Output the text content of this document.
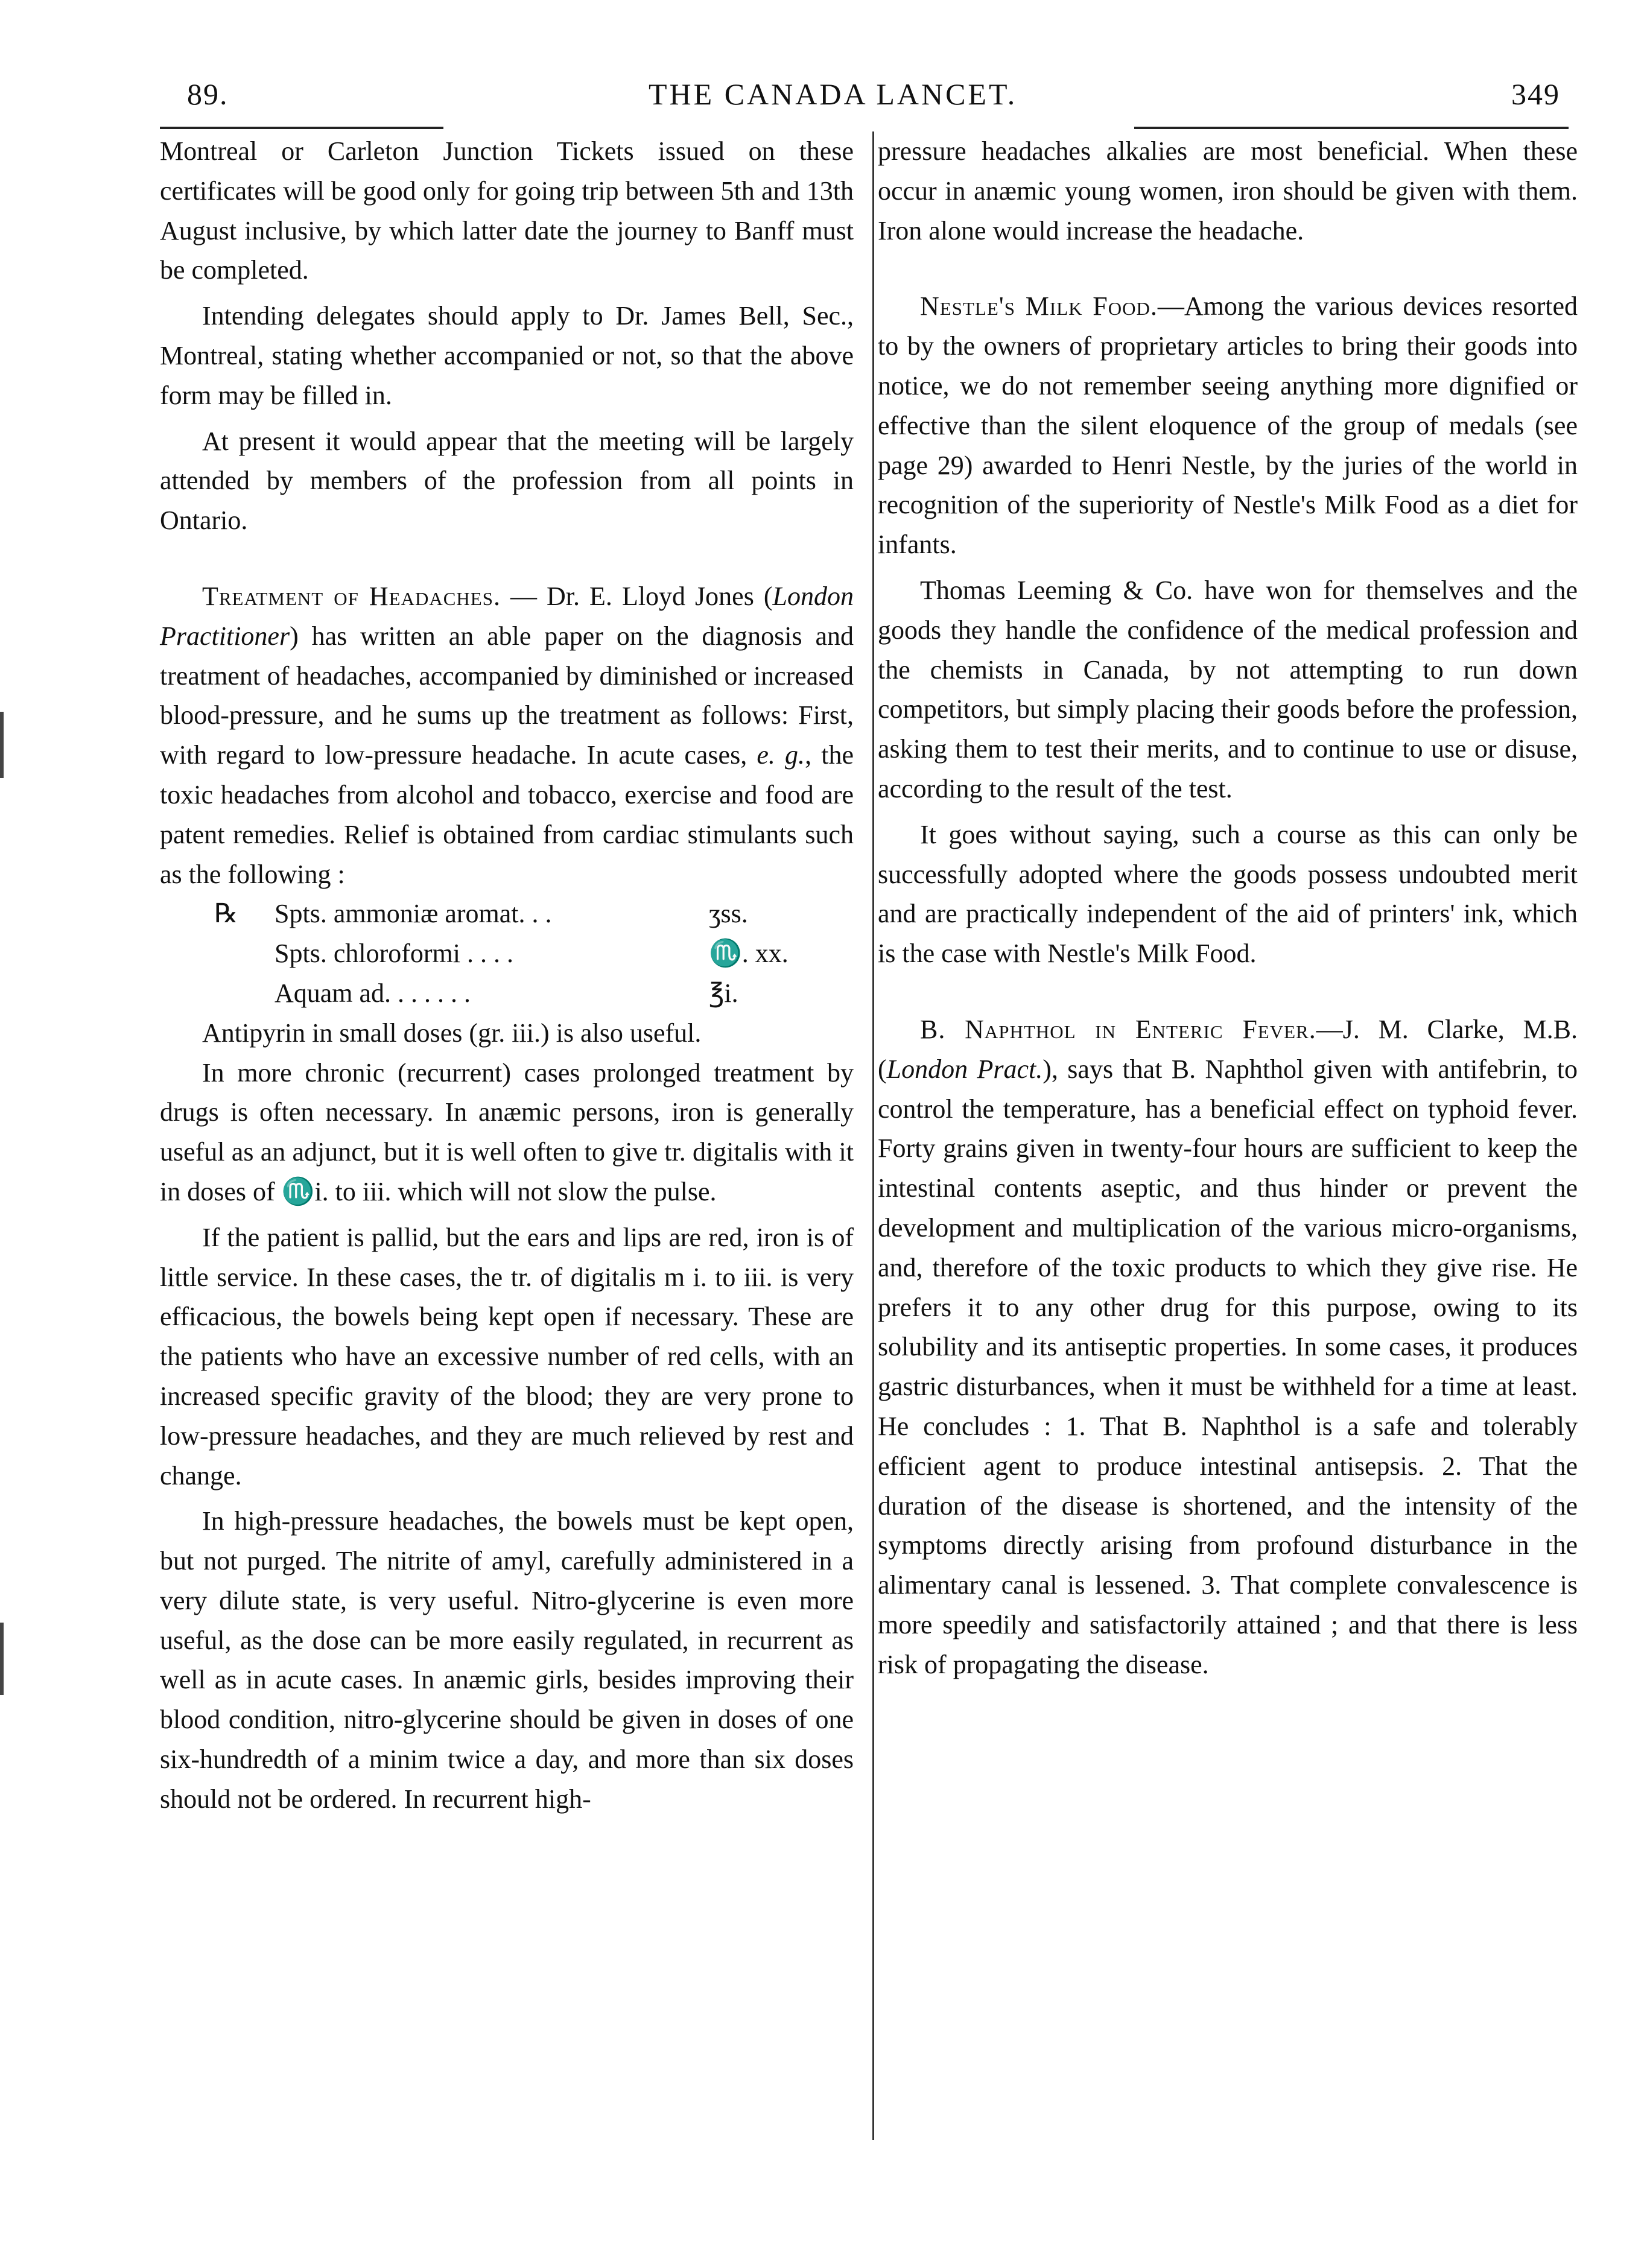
89.	THE CANADA LANCET.	349

Montreal or Carleton Junction Tickets issued on these certificates will be good only for going trip between 5th and 13th August inclusive, by which latter date the journey to Banff must be completed.

Intending delegates should apply to Dr. James Bell, Sec., Montreal, stating whether accompanied or not, so that the above form may be filled in.

At present it would appear that the meeting will be largely attended by members of the profession from all points in Ontario.

Treatment of Headaches. — Dr. E. Lloyd Jones (London Practitioner) has written an able paper on the diagnosis and treatment of headaches, accompanied by diminished or increased blood-pressure, and he sums up the treatment as follows: First, with regard to low-pressure headache. In acute cases, e. g., the toxic headaches from alcohol and tobacco, exercise and food are patent remedies. Relief is obtained from cardiac stimulants such as the following :

℞	Spts. ammoniæ aromat. . .	ʒss.
Spts. chloroformi . . . .	♏. xx.
Aquam ad. . . . . . .	℥i.

Antipyrin in small doses (gr. iii.) is also useful.

In more chronic (recurrent) cases prolonged treatment by drugs is often necessary. In anæmic persons, iron is generally useful as an adjunct, but it is well often to give tr. digitalis with it in doses of ♏i. to iii. which will not slow the pulse.

If the patient is pallid, but the ears and lips are red, iron is of little service. In these cases, the tr. of digitalis m i. to iii. is very efficacious, the bowels being kept open if necessary. These are the patients who have an excessive number of red cells, with an increased specific gravity of the blood; they are very prone to low-pressure headaches, and they are much relieved by rest and change.

In high-pressure headaches, the bowels must be kept open, but not purged. The nitrite of amyl, carefully administered in a very dilute state, is very useful. Nitro-glycerine is even more useful, as the dose can be more easily regulated, in recurrent as well as in acute cases. In anæmic girls, besides improving their blood condition, nitro-glycerine should be given in doses of one six-hundredth of a minim twice a day, and more than six doses should not be ordered. In recurrent high-

pressure headaches alkalies are most beneficial. When these occur in anæmic young women, iron should be given with them. Iron alone would increase the headache.

Nestle's Milk Food.—Among the various devices resorted to by the owners of proprietary articles to bring their goods into notice, we do not remember seeing anything more dignified or effective than the silent eloquence of the group of medals (see page 29) awarded to Henri Nestle, by the juries of the world in recognition of the superiority of Nestle's Milk Food as a diet for infants.

Thomas Leeming & Co. have won for themselves and the goods they handle the confidence of the medical profession and the chemists in Canada, by not attempting to run down competitors, but simply placing their goods before the profession, asking them to test their merits, and to continue to use or disuse, according to the result of the test.

It goes without saying, such a course as this can only be successfully adopted where the goods possess undoubted merit and are practically independent of the aid of printers' ink, which is the case with Nestle's Milk Food.

B. Naphthol in Enteric Fever.—J. M. Clarke, M.B. (London Pract.), says that B. Naphthol given with antifebrin, to control the temperature, has a beneficial effect on typhoid fever. Forty grains given in twenty-four hours are sufficient to keep the intestinal contents aseptic, and thus hinder or prevent the development and multiplication of the various micro-organisms, and, therefore of the toxic products to which they give rise. He prefers it to any other drug for this purpose, owing to its solubility and its antiseptic properties. In some cases, it produces gastric disturbances, when it must be withheld for a time at least. He concludes : 1. That B. Naphthol is a safe and tolerably efficient agent to produce intestinal antisepsis. 2. That the duration of the disease is shortened, and the intensity of the symptoms directly arising from profound disturbance in the alimentary canal is lessened. 3. That complete convalescence is more speedily and satisfactorily attained ; and that there is less risk of propagating the disease.
